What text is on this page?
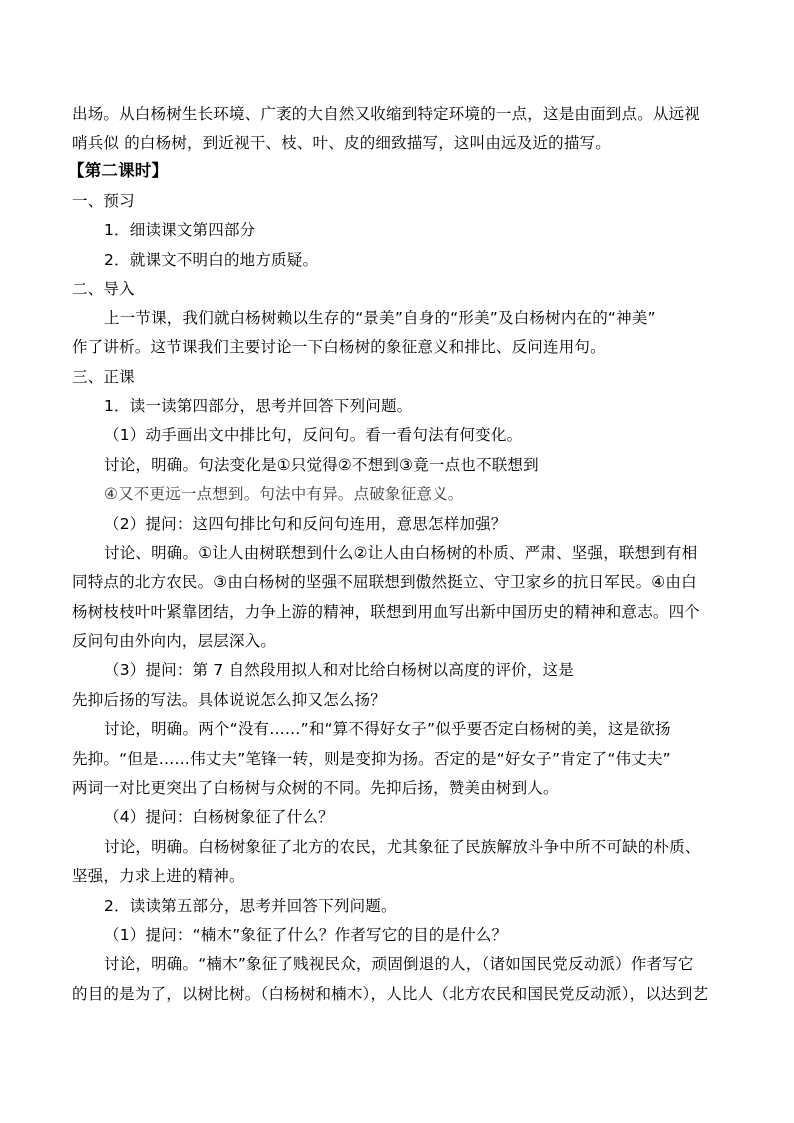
出场。从白杨树生长环境、广袤的大自然又收缩到特定环境的一点，这是由面到点。从远视
哨兵似 的白杨树，到近视干、枝、叶、皮的细致描写，这叫由远及近的描写。
【第二课时】
一、预习
1．细读课文第四部分
2．就课文不明白的地方质疑。
二、导入
上一节课，我们就白杨树赖以生存的“景美”自身的“形美”及白杨树内在的“神美”
作了讲析。这节课我们主要讨论一下白杨树的象征意义和排比、反问连用句。
三、正课
1．读一读第四部分，思考并回答下列问题。
（1）动手画出文中排比句，反问句。看一看句法有何变化。
讨论，明确。句法变化是①只觉得②不想到③竟一点也不联想到
④又不更远一点想到。句法中有异。点破象征意义。
（2）提问：这四句排比句和反问句连用，意思怎样加强？
讨论、明确。①让人由树联想到什么②让人由白杨树的朴质、严肃、坚强，联想到有相
同特点的北方农民。③由白杨树的坚强不屈联想到傲然挺立、守卫家乡的抗日军民。④由白
杨树枝枝叶叶紧靠团结，力争上游的精神，联想到用血写出新中国历史的精神和意志。四个
反问句由外向内，层层深入。
（3）提问：第 7 自然段用拟人和对比给白杨树以高度的评价，这是
先抑后扬的写法。具体说说怎么抑又怎么扬？
讨论，明确。两个“没有……”和“算不得好女子”似乎要否定白杨树的美，这是欲扬
先抑。“但是……伟丈夫”笔锋一转，则是变抑为扬。否定的是“好女子”肯定了“伟丈夫”
两词一对比更突出了白杨树与众树的不同。先抑后扬，赞美由树到人。
（4）提问：白杨树象征了什么？
讨论，明确。白杨树象征了北方的农民，尤其象征了民族解放斗争中所不可缺的朴质、
坚强，力求上进的精神。
2．读读第五部分，思考并回答下列问题。
（1）提问：“楠木”象征了什么？作者写它的目的是什么？
讨论，明确。“楠木”象征了贱视民众，顽固倒退的人，（诸如国民党反动派）作者写它
的目的是为了，以树比树。（白杨树和楠木），人比人（北方农民和国民党反动派），以达到艺
